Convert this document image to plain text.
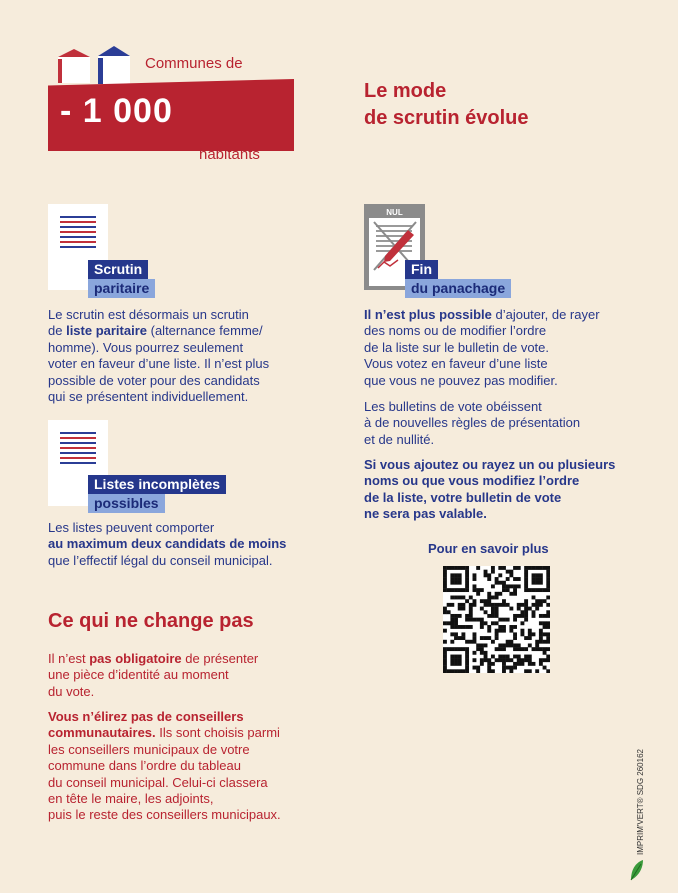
Communes de
- 1 000
habitants
Le mode
de scrutin évolue
Scrutin
paritaire
Le scrutin est désormais un scrutin
de liste paritaire (alternance femme/
homme). Vous pourrez seulement
voter en faveur d’une liste. Il n’est plus
possible de voter pour des candidats
qui se présentent individuellement.
Listes incomplètes
possibles
Les listes peuvent comporter
au maximum deux candidats de moins
que l’effectif légal du conseil municipal.
Ce qui ne change pas
Il n’est pas obligatoire de présenter
une pièce d’identité au moment
du vote.
Vous n’élirez pas de conseillers
communautaires. Ils sont choisis parmi
les conseillers municipaux de votre
commune dans l’ordre du tableau
du conseil municipal. Celui-ci classera
en tête le maire, les adjoints,
puis le reste des conseillers municipaux.
NUL
Fin
du panachage
Il n’est plus possible d’ajouter, de rayer
des noms ou de modifier l’ordre
de la liste sur le bulletin de vote.
Vous votez en faveur d’une liste
que vous ne pouvez pas modifier.
Les bulletins de vote obéissent
à de nouvelles règles de présentation
et de nullité.
Si vous ajoutez ou rayez un ou plusieurs
noms ou que vous modifiez l’ordre
de la liste, votre bulletin de vote
ne sera pas valable.
Pour en savoir plus
IMPRIM'VERT® SDG 260162
